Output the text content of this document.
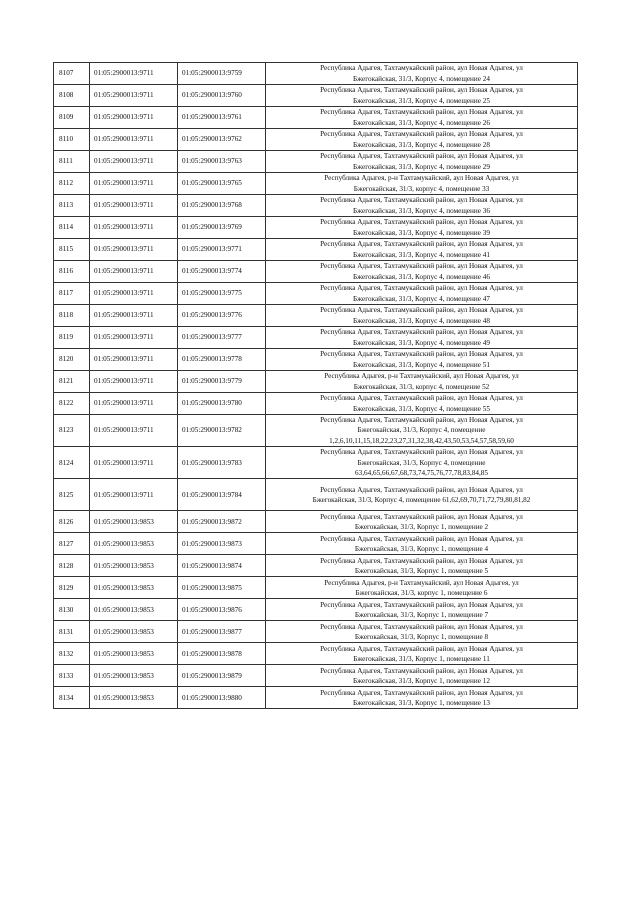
8107	01:05:2900013:9711	01:05:2900013:9759	Республика Адыгея, Тахтамукайский район, аул Новая Адыгея, ул
Бжегокайская, 31/3, Корпус 4, помещение 24

8108	01:05:2900013:9711	01:05:2900013:9760	Республика Адыгея, Тахтамукайский район, аул Новая Адыгея, ул
Бжегокайская, 31/3, Корпус 4, помещение 25

8109	01:05:2900013:9711	01:05:2900013:9761	Республика Адыгея, Тахтамукайский район, аул Новая Адыгея, ул
Бжегокайская, 31/3, Корпус 4, помещение 26

8110	01:05:2900013:9711	01:05:2900013:9762	Республика Адыгея, Тахтамукайский район, аул Новая Адыгея, ул
Бжегокайская, 31/3, Корпус 4, помещение 28

8111	01:05:2900013:9711	01:05:2900013:9763	Республика Адыгея, Тахтамукайский район, аул Новая Адыгея, ул
Бжегокайская, 31/3, Корпус 4, помещение 29

8112	01:05:2900013:9711	01:05:2900013:9765	Республика Адыгея, р-н Тахтамукайский, аул Новая Адыгея, ул
Бжегокайская, 31/3, корпус 4, помещение 33

8113	01:05:2900013:9711	01:05:2900013:9768	Республика Адыгея, Тахтамукайский район, аул Новая Адыгея, ул
Бжегокайская, 31/3, Корпус 4, помещение 36

8114	01:05:2900013:9711	01:05:2900013:9769	Республика Адыгея, Тахтамукайский район, аул Новая Адыгея, ул
Бжегокайская, 31/3, Корпус 4, помещение 39

8115	01:05:2900013:9711	01:05:2900013:9771	Республика Адыгея, Тахтамукайский район, аул Новая Адыгея, ул
Бжегокайская, 31/3, Корпус 4, помещение 41

8116	01:05:2900013:9711	01:05:2900013:9774	Республика Адыгея, Тахтамукайский район, аул Новая Адыгея, ул
Бжегокайская, 31/3, Корпус 4, помещение 46

8117	01:05:2900013:9711	01:05:2900013:9775	Республика Адыгея, Тахтамукайский район, аул Новая Адыгея, ул
Бжегокайская, 31/3, Корпус 4, помещение 47

8118	01:05:2900013:9711	01:05:2900013:9776	Республика Адыгея, Тахтамукайский район, аул Новая Адыгея, ул
Бжегокайская, 31/3, Корпус 4, помещение 48

8119	01:05:2900013:9711	01:05:2900013:9777	Республика Адыгея, Тахтамукайский район, аул Новая Адыгея, ул
Бжегокайская, 31/3, Корпус 4, помещение 49

8120	01:05:2900013:9711	01:05:2900013:9778	Республика Адыгея, Тахтамукайский район, аул Новая Адыгея, ул
Бжегокайская, 31/3, Корпус 4, помещение 51

8121	01:05:2900013:9711	01:05:2900013:9779	Республика Адыгея, р-н Тахтамукайский, аул Новая Адыгея, ул
Бжегокайская, 31/3, корпус 4, помещение 52

8122	01:05:2900013:9711	01:05:2900013:9780	Республика Адыгея, Тахтамукайский район, аул Новая Адыгея, ул
Бжегокайская, 31/3, Корпус 4, помещение 55

8123	01:05:2900013:9711	01:05:2900013:9782	Республика Адыгея, Тахтамукайский район, аул Новая Адыгея, ул
Бжегокайская, 31/3, Корпус 4, помещение
1,2,6,10,11,15,18,22,23,27,31,32,38,42,43,50,53,54,57,58,59,60

8124	01:05:2900013:9711	01:05:2900013:9783	Республика Адыгея, Тахтамукайский район, аул Новая Адыгея, ул
Бжегокайская, 31/3, Корпус 4, помещение
63,64,65,66,67,68,73,74,75,76,77,78,83,84,85

8125	01:05:2900013:9711	01:05:2900013:9784	Республика Адыгея, Тахтамукайский район, аул Новая Адыгея, ул
Бжегокайская, 31/3, Корпус 4, помещение 61,62,69,70,71,72,79,80,81,82

8126	01:05:2900013:9853	01:05:2900013:9872	Республика Адыгея, Тахтамукайский район, аул Новая Адыгея, ул
Бжегокайская, 31/3, Корпус 1, помещение 2

8127	01:05:2900013:9853	01:05:2900013:9873	Республика Адыгея, Тахтамукайский район, аул Новая Адыгея, ул
Бжегокайская, 31/3, Корпус 1, помещение 4

8128	01:05:2900013:9853	01:05:2900013:9874	Республика Адыгея, Тахтамукайский район, аул Новая Адыгея, ул
Бжегокайская, 31/3, Корпус 1, помещение 5

8129	01:05:2900013:9853	01:05:2900013:9875	Республика Адыгея, р-н Тахтамукайский, аул Новая Адыгея, ул
Бжегокайская, 31/3, корпус 1, помещение 6

8130	01:05:2900013:9853	01:05:2900013:9876	Республика Адыгея, Тахтамукайский район, аул Новая Адыгея, ул
Бжегокайская, 31/3, Корпус 1, помещение 7

8131	01:05:2900013:9853	01:05:2900013:9877	Республика Адыгея, Тахтамукайский район, аул Новая Адыгея, ул
Бжегокайская, 31/3, Корпус 1, помещение 8

8132	01:05:2900013:9853	01:05:2900013:9878	Республика Адыгея, Тахтамукайский район, аул Новая Адыгея, ул
Бжегокайская, 31/3, Корпус 1, помещение 11

8133	01:05:2900013:9853	01:05:2900013:9879	Республика Адыгея, Тахтамукайский район, аул Новая Адыгея, ул
Бжегокайская, 31/3, Корпус 1, помещение 12

8134	01:05:2900013:9853	01:05:2900013:9880	Республика Адыгея, Тахтамукайский район, аул Новая Адыгея, ул
Бжегокайская, 31/3, Корпус 1, помещение 13
